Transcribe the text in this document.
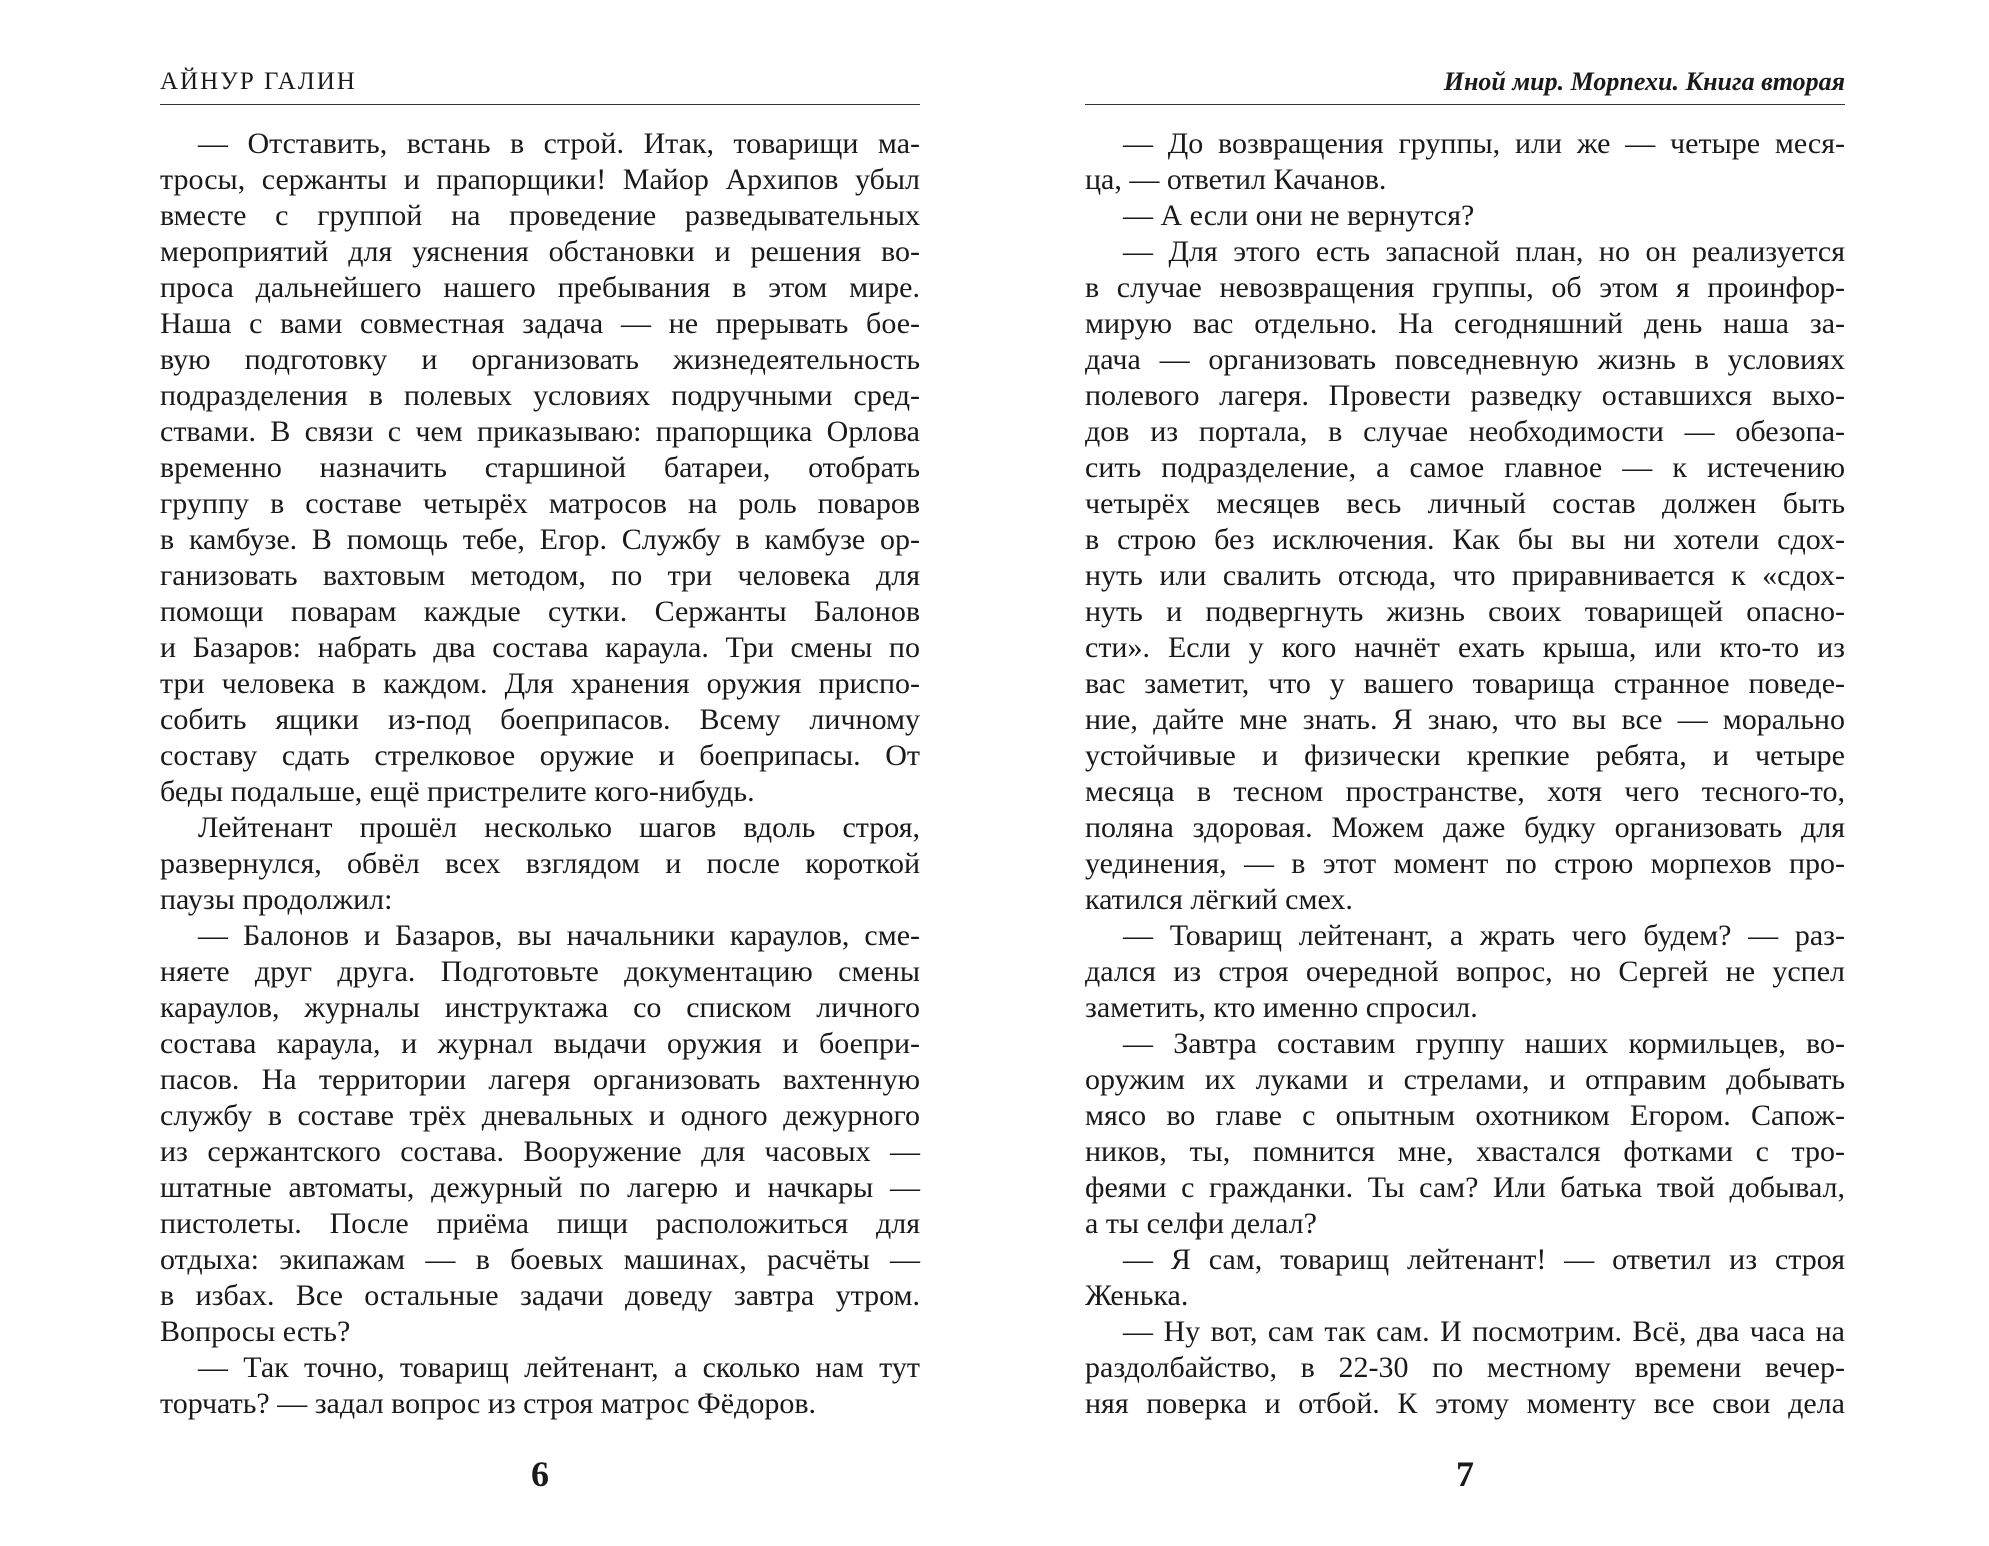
АЙНУР ГАЛИН
— Отставить, встань в строй. Итак, товарищи ма-
тросы, сержанты и прапорщики! Майор Архипов убыл
вместе с группой на проведение разведывательных
мероприятий для уяснения обстановки и решения во-
проса дальнейшего нашего пребывания в этом мире.
Наша с вами совместная задача — не прерывать бое-
вую подготовку и организовать жизнедеятельность
подразделения в полевых условиях подручными сред-
ствами. В связи с чем приказываю: прапорщика Орлова
временно назначить старшиной батареи, отобрать
группу в составе четырёх матросов на роль поваров
в камбузе. В помощь тебе, Егор. Службу в камбузе ор-
ганизовать вахтовым методом, по три человека для
помощи поварам каждые сутки. Сержанты Балонов
и Базаров: набрать два состава караула. Три смены по
три человека в каждом. Для хранения оружия приспо-
собить ящики из-под боеприпасов. Всему личному
составу сдать стрелковое оружие и боеприпасы. От
беды подальше, ещё пристрелите кого-нибудь.
Лейтенант прошёл несколько шагов вдоль строя,
развернулся, обвёл всех взглядом и после короткой
паузы продолжил:
— Балонов и Базаров, вы начальники караулов, сме-
няете друг друга. Подготовьте документацию смены
караулов, журналы инструктажа со списком личного
состава караула, и журнал выдачи оружия и боепри-
пасов. На территории лагеря организовать вахтенную
службу в составе трёх дневальных и одного дежурного
из сержантского состава. Вооружение для часовых —
штатные автоматы, дежурный по лагерю и начкары —
пистолеты. После приёма пищи расположиться для
отдыха: экипажам — в боевых машинах, расчёты —
в избах. Все остальные задачи доведу завтра утром.
Вопросы есть?
— Так точно, товарищ лейтенант, а сколько нам тут
торчать? — задал вопрос из строя матрос Фёдоров.
6
Иной мир. Морпехи. Книга вторая
— До возвращения группы, или же — четыре меся-
ца, — ответил Качанов.
— А если они не вернутся?
— Для этого есть запасной план, но он реализуется
в случае невозвращения группы, об этом я проинфор-
мирую вас отдельно. На сегодняшний день наша за-
дача — организовать повседневную жизнь в условиях
полевого лагеря. Провести разведку оставшихся выхо-
дов из портала, в случае необходимости — обезопа-
сить подразделение, а самое главное — к истечению
четырёх месяцев весь личный состав должен быть
в строю без исключения. Как бы вы ни хотели сдох-
нуть или свалить отсюда, что приравнивается к «сдох-
нуть и подвергнуть жизнь своих товарищей опасно-
сти». Если у кого начнёт ехать крыша, или кто-то из
вас заметит, что у вашего товарища странное поведе-
ние, дайте мне знать. Я знаю, что вы все — морально
устойчивые и физически крепкие ребята, и четыре
месяца в тесном пространстве, хотя чего тесного-то,
поляна здоровая. Можем даже будку организовать для
уединения, — в этот момент по строю морпехов про-
катился лёгкий смех.
— Товарищ лейтенант, а жрать чего будем? — раз-
дался из строя очередной вопрос, но Сергей не успел
заметить, кто именно спросил.
— Завтра составим группу наших кормильцев, во-
оружим их луками и стрелами, и отправим добывать
мясо во главе с опытным охотником Егором. Сапож-
ников, ты, помнится мне, хвастался фотками с тро-
феями с гражданки. Ты сам? Или батька твой добывал,
а ты селфи делал?
— Я сам, товарищ лейтенант! — ответил из строя
Женька.
— Ну вот, сам так сам. И посмотрим. Всё, два часа на
раздолбайство, в 22-30 по местному времени вечер-
няя поверка и отбой. К этому моменту все свои дела
7
